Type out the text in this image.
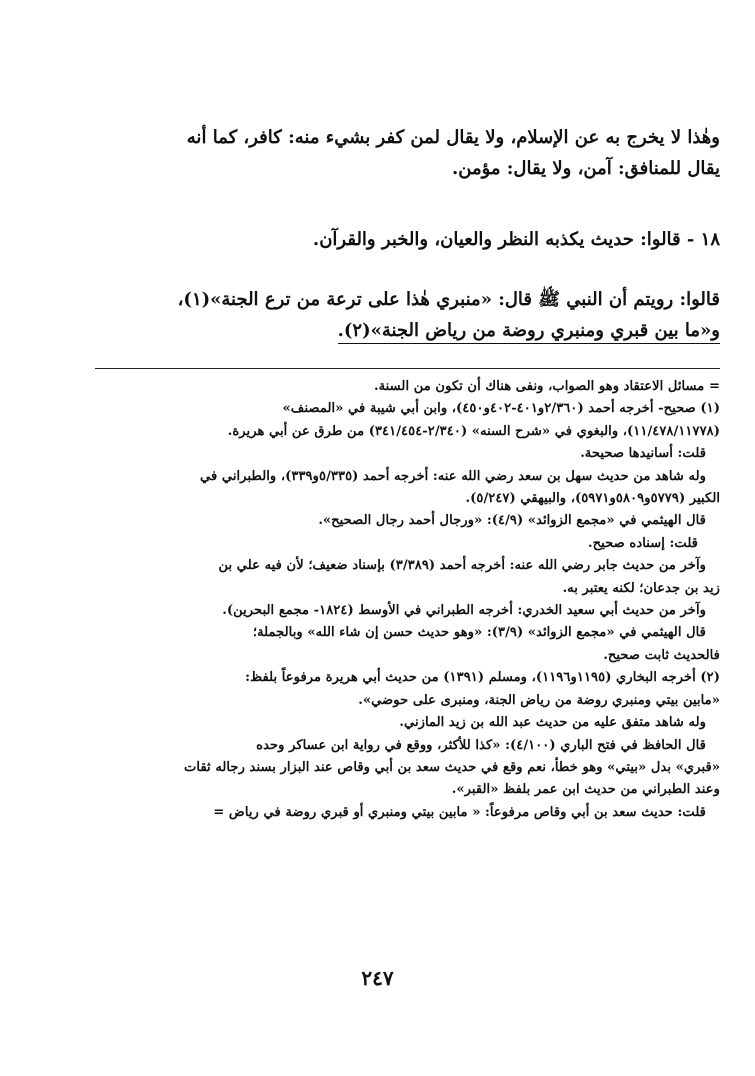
وهٰذا لا يخرج به عن الإسلام، ولا يقال لمن كفر بشيء منه: كافر، كما أنه
يقال للمنافق: آمن، ولا يقال: مؤمن.
١٨ - قالوا: حديث يكذبه النظر والعيان، والخبر والقرآن.
قالوا: رويتم أن النبي ﷺ قال: «منبري هٰذا على ترعة من ترع الجنة»(١)،
و«ما بين قبري ومنبري روضة من رياض الجنة»(٢).
= مسائل الاعتقاد وهو الصواب، ونفى هناك أن تكون من السنة.
(١) صحيح- أخرجه أحمد (٢/٣٦٠و٤٠١-٤٠٢و٤٥٠)، وابن أبي شيبة في «المصنف»
(١١/٤٧٨/١١٧٧٨)، والبغوي في «شرح السنه» (٢/٣٤٠-٣٤١/٤٥٤) من طرق عن أبي هريرة.
قلت: أسانيدها صحيحة.
وله شاهد من حديث سهل بن سعد رضي الله عنه: أخرجه أحمد (٥/٣٣٥و٣٣٩)، والطبراني في
الكبير (٥٧٧٩و٥٨٠٩و٥٩٧١)، والبيهقي (٥/٢٤٧).
قال الهيثمي في «مجمع الزوائد» (٤/٩): «ورجال أحمد رجال الصحيح».
قلت: إسناده صحيح.
وآخر من حديث جابر رضي الله عنه: أخرجه أحمد (٣/٣٨٩) بإسناد ضعيف؛ لأن فيه علي بن
زيد بن جدعان؛ لكنه يعتبر به.
وآخر من حديث أبي سعيد الخدري: أخرجه الطبراني في الأوسط (١٨٢٤- مجمع البحرين).
قال الهيثمي في «مجمع الزوائد» (٣/٩): «وهو حديث حسن إن شاء الله» وبالجملة؛
فالحديث ثابت صحيح.
(٢) أخرجه البخاري (١١٩٥و١١٩٦)، ومسلم (١٣٩١) من حديث أبي هريرة مرفوعاً بلفظ:
«مابين بيتي ومنبري روضة من رياض الجنة، ومنبرى على حوضي».
وله شاهد متفق عليه من حديث عبد الله بن زيد المازني.
قال الحافظ في فتح الباري (٤/١٠٠): «كذا للأكثر، ووقع في رواية ابن عساكر وحده
«قبري» بدل «بيتي» وهو خطأ، نعم وقع في حديث سعد بن أبي وقاص عند البزار بسند رجاله ثقات
وعند الطبراني من حديث ابن عمر بلفظ «القبر».
قلت: حديث سعد بن أبي وقاص مرفوعاً: « مابين بيتي ومنبري أو قبري روضة في رياض =
٢٤٧
